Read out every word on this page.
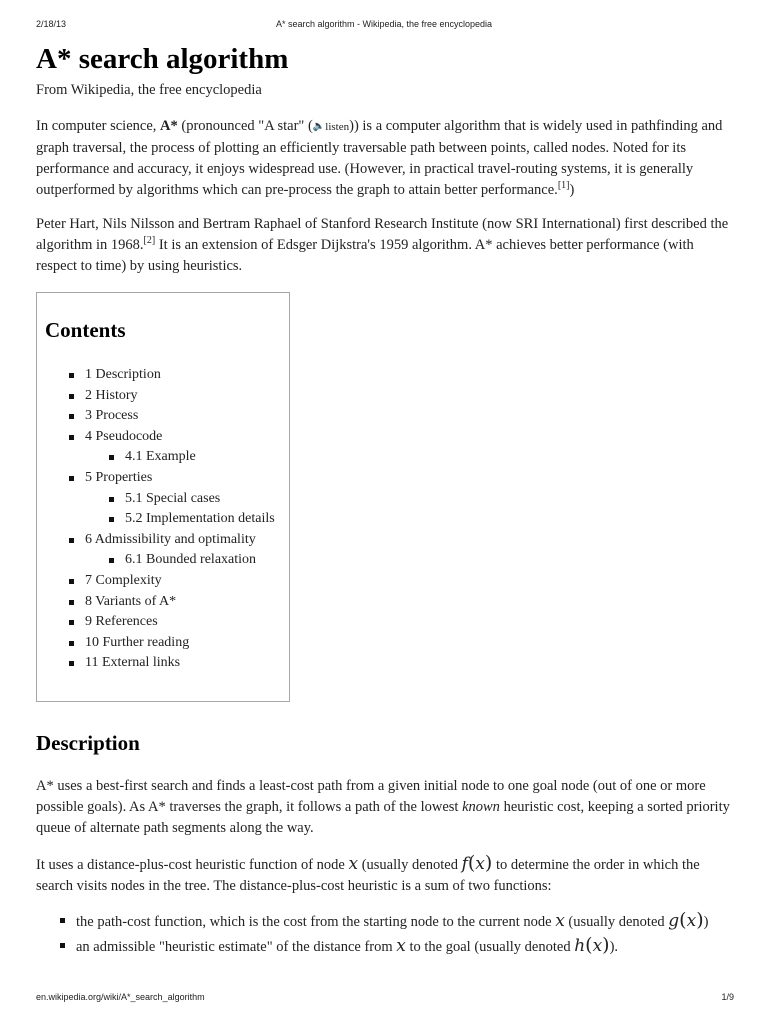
2/18/13	A* search algorithm - Wikipedia, the free encyclopedia
A* search algorithm
From Wikipedia, the free encyclopedia

In computer science, A* (pronounced "A star" (🔈listen)) is a computer algorithm that is widely used in pathfinding and graph traversal, the process of plotting an efficiently traversable path between points, called nodes. Noted for its performance and accuracy, it enjoys widespread use. (However, in practical travel-routing systems, it is generally outperformed by algorithms which can pre-process the graph to attain better performance.[1])

Peter Hart, Nils Nilsson and Bertram Raphael of Stanford Research Institute (now SRI International) first described the algorithm in 1968.[2] It is an extension of Edsger Dijkstra's 1959 algorithm. A* achieves better performance (with respect to time) by using heuristics.

Contents
1 Description
2 History
3 Process
4 Pseudocode
4.1 Example
5 Properties
5.1 Special cases
5.2 Implementation details
6 Admissibility and optimality
6.1 Bounded relaxation
7 Complexity
8 Variants of A*
9 References
10 Further reading
11 External links
Description

A* uses a best-first search and finds a least-cost path from a given initial node to one goal node (out of one or more possible goals). As A* traverses the graph, it follows a path of the lowest known heuristic cost, keeping a sorted priority queue of alternate path segments along the way.

It uses a distance-plus-cost heuristic function of node x (usually denoted f(x) to determine the order in which the search visits nodes in the tree. The distance-plus-cost heuristic is a sum of two functions:

the path-cost function, which is the cost from the starting node to the current node x (usually denoted g(x))
an admissible "heuristic estimate" of the distance from x to the goal (usually denoted h(x)).
en.wikipedia.org/wiki/A*_search_algorithm	1/9
